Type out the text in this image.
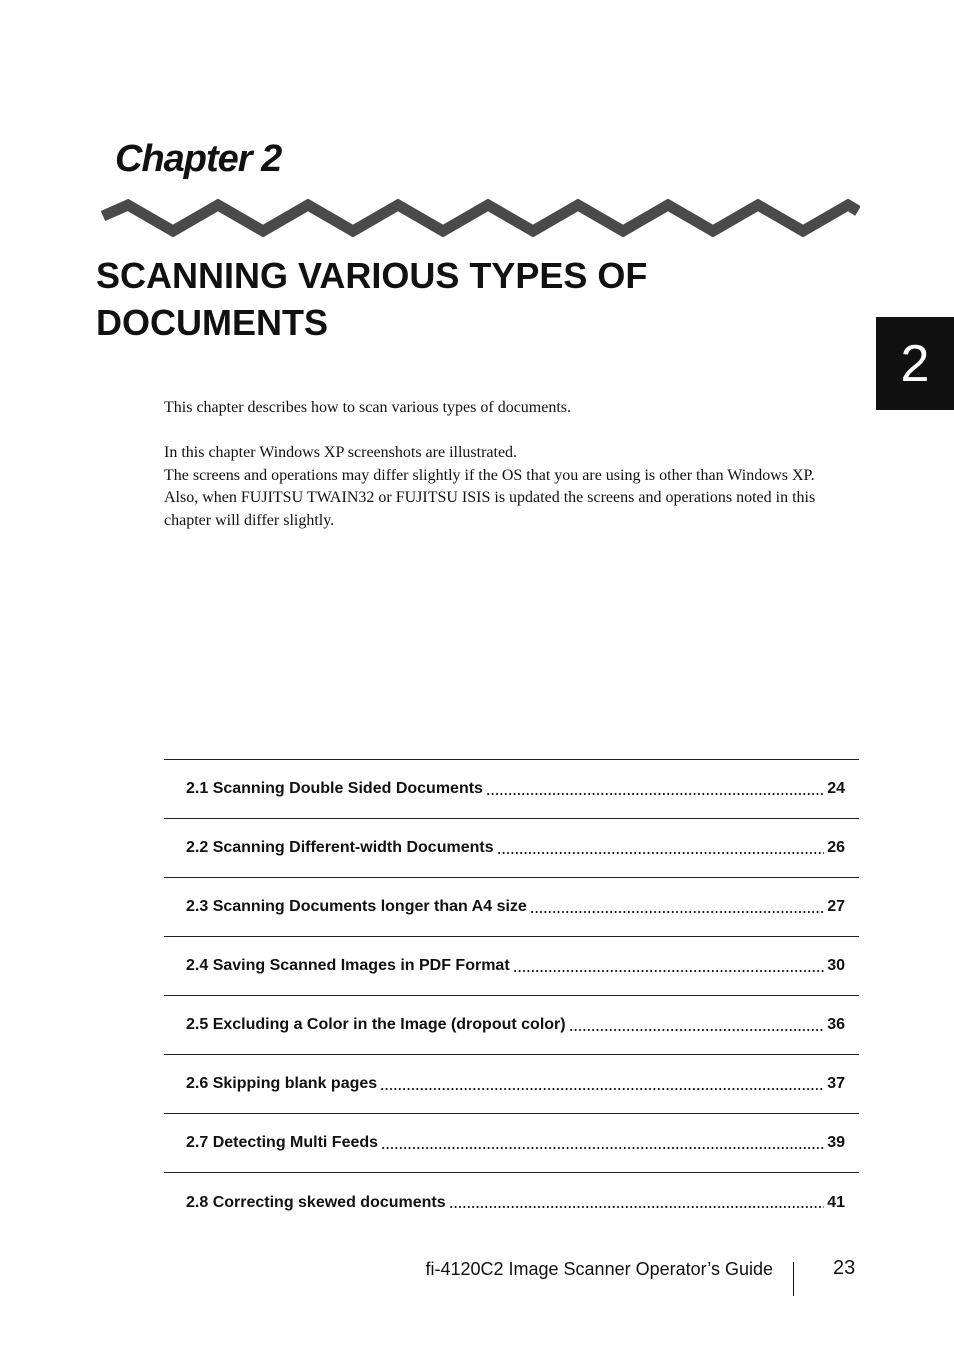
Chapter 2
SCANNING VARIOUS TYPES OF DOCUMENTS
2

This chapter describes how to scan various types of documents.

In this chapter Windows XP screenshots are illustrated.

The screens and operations may differ slightly if the OS that you are using is other than Windows XP.

Also, when FUJITSU TWAIN32 or FUJITSU ISIS is updated the screens and operations noted in this chapter will differ slightly.

2.1 Scanning Double Sided Documents	24
2.2 Scanning Different-width Documents	26
2.3 Scanning Documents longer than A4 size	27
2.4 Saving Scanned Images in PDF Format	30
2.5 Excluding a Color in the Image (dropout color)	36
2.6 Skipping blank pages	37
2.7 Detecting Multi Feeds	39
2.8 Correcting skewed documents	41
fi-4120C2 Image Scanner Operator’s Guide	23
